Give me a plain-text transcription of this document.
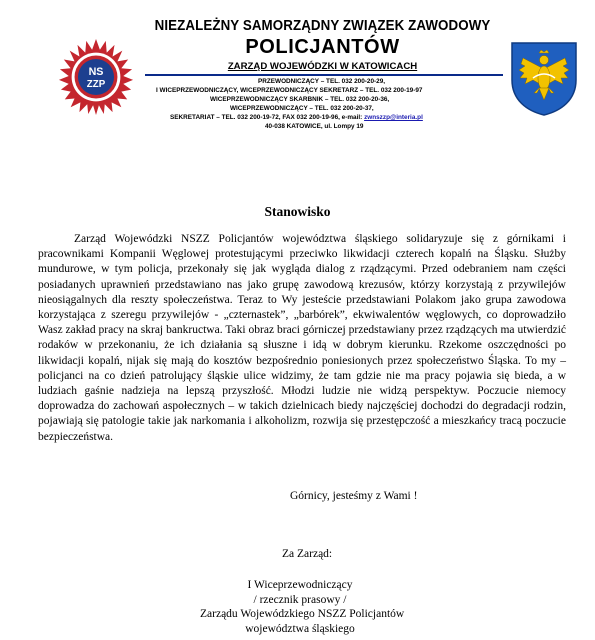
NS
ZZP
NIEZALEŻNY SAMORZĄDNY ZWIĄZEK ZAWODOWY
POLICJANTÓW
ZARZĄD WOJEWÓDZKI W KATOWICACH
PRZEWODNICZĄCY – TEL. 032 200-20-29,
I WICEPRZEWODNICZĄCY, WICEPRZEWODNICZĄCY SEKRETARZ – TEL. 032 200-19-97
WICEPRZEWODNICZĄCY SKARBNIK – TEL. 032 200-20-36,
WICEPRZEWODNICZĄCY – TEL. 032 200-20-37,
SEKRETARIAT – TEL. 032 200-19-72, FAX 032 200-19-96, e-mail: zwnszzp@interia.pl
40-038 KATOWICE, ul. Lompy 19
Stanowisko

Zarząd Wojewódzki NSZZ Policjantów województwa śląskiego solidaryzuje się z górnikami i pracownikami Kompanii Węglowej protestującymi przeciwko likwidacji czterech kopalń na Śląsku. Służby mundurowe, w tym policja, przekonały się jak wygląda dialog z rządzącymi. Przed odebraniem nam części posiadanych uprawnień przedstawiano nas jako grupę zawodową krezusów, którzy korzystają z przywilejów nieosiągalnych dla reszty społeczeństwa. Teraz to Wy jesteście przedstawiani Polakom jako grupa zawodowa korzystająca z szeregu przywilejów - „czternastek”, „barbórek”, ekwiwalentów węglowych, co doprowadziło Wasz zakład pracy na skraj bankructwa. Taki obraz braci górniczej przedstawiany przez rządzących ma utwierdzić rodaków w przekonaniu, że ich działania są słuszne i idą w dobrym kierunku. Rzekome oszczędności po likwidacji kopalń, nijak się mają do kosztów bezpośrednio poniesionych przez społeczeństwo Śląska. To my – policjanci na co dzień patrolujący śląskie ulice widzimy, że tam gdzie nie ma pracy pojawia się bieda, a w ludziach gaśnie nadzieja na lepszą przyszłość. Młodzi ludzie nie widzą perspektyw. Poczucie niemocy doprowadza do zachowań aspołecznych – w takich dzielnicach biedy najczęściej dochodzi do degradacji rodzin, pojawiają się patologie takie jak narkomania i alkoholizm, rozwija się przestępczość a mieszkańcy tracą poczucie bezpieczeństwa.

Górnicy, jesteśmy z Wami !
Za Zarząd:
I Wiceprzewodniczący
/ rzecznik prasowy /
Zarządu Wojewódzkiego NSZZ Policjantów
województwa śląskiego
